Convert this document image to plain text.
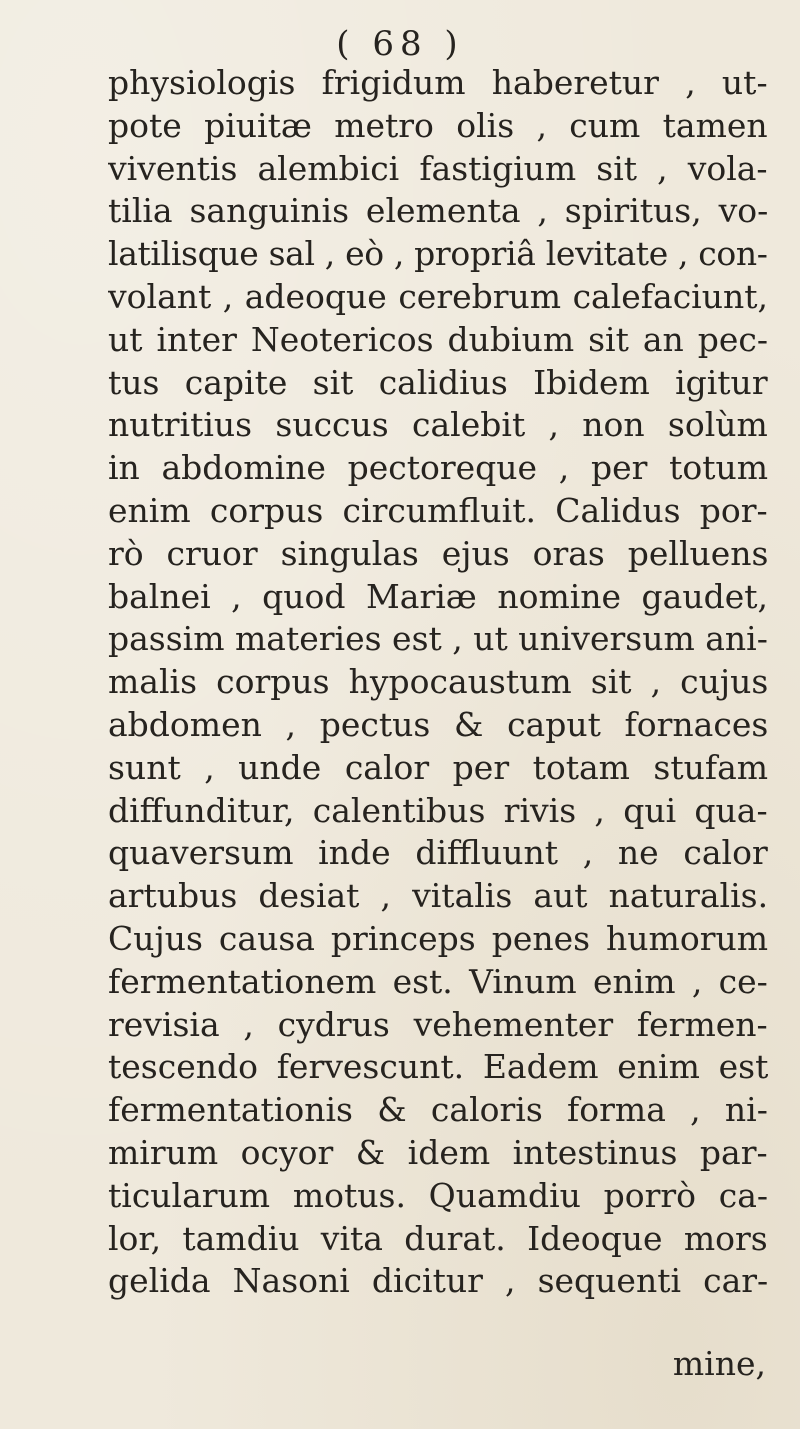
( 68 )
physiologis frigidum haberetur , ut-
pote piuitæ metro olis , cum tamen
viventis alembici fastigium sit , vola-
tilia sanguinis elementa , spiritus, vo-
latilisque sal , eò , propriâ levitate , con-
volant , adeoque cerebrum calefaciunt,
ut inter Neotericos dubium sit an pec-
tus capite sit calidius Ibidem igitur
nutritius succus calebit , non solùm
in abdomine pectoreque , per totum
enim corpus circumfluit. Calidus por-
rò cruor singulas ejus oras pelluens
balnei , quod Mariæ nomine gaudet,
passim materies est , ut universum ani-
malis corpus hypocaustum sit , cujus
abdomen , pectus & caput fornaces
sunt , unde calor per totam stufam
diffunditur, calentibus rivis , qui qua-
quaversum inde diffluunt , ne calor
artubus desiat , vitalis aut naturalis.
Cujus causa princeps penes humorum
fermentationem est. Vinum enim , ce-
revisia , cydrus vehementer fermen-
tescendo fervescunt. Eadem enim est
fermentationis & caloris forma , ni-
mirum ocyor & idem intestinus par-
ticularum motus. Quamdiu porrò ca-
lor, tamdiu vita durat. Ideoque mors
gelida Nasoni dicitur , sequenti car-
mine,
